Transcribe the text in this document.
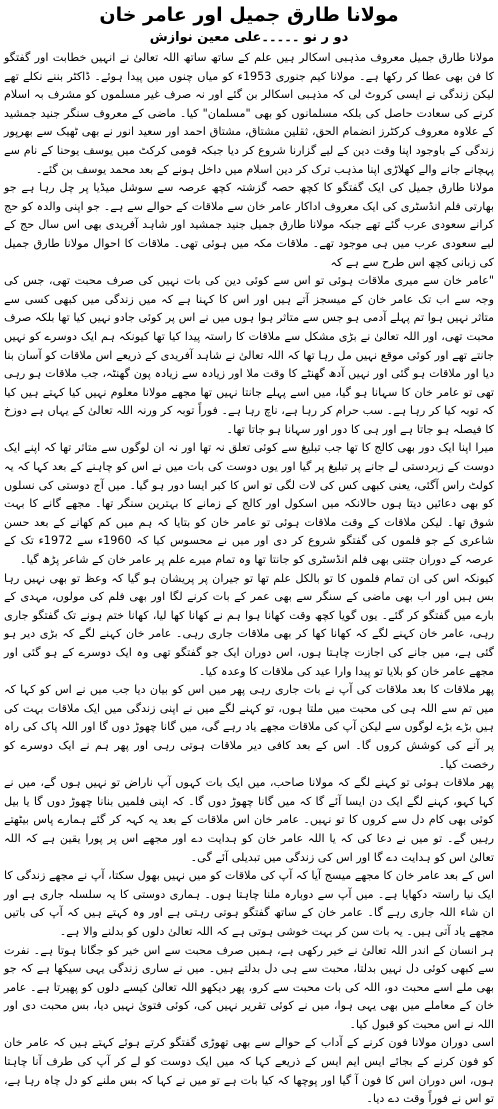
مولانا طارق جمیل اور عامر خان
دو ر نو ۔۔۔۔۔علی معین نوازش

مولانا طارق جمیل معروف مذہبی اسکالر ہیں علم کے ساتھ ساتھ اللہ تعالیٰ نے انہیں خطابت اور گفتگو کا فن بھی عطا کر رکھا ہے۔ مولانا کیم جنوری 1953ء کو میاں چنوں میں پیدا ہوئے۔ ڈاکٹر بننے نکلے تھے لیکن زندگی نے ایسی کروٹ لی کہ مذہبی اسکالر بن گئے اور نہ صرف غیر مسلموں کو مشرف بہ اسلام کرنے کی سعادت حاصل کی بلکہ مسلمانوں کو بھی "مسلمان" کیا۔ ماضی کے معروف سنگر جنید جمشید کے علاوہ معروف کرکٹرز انضمام الحق، ثقلین مشتاق، مشتاق احمد اور سعید انور نے بھی ٹھیک سے بھرپور زندگی کے باوجود اپنا وقت دین کے لیے گزارنا شروع کر دیا جبکہ قومی کرکٹ میں یوسف یوحنا کے نام سے پہچانے جانے والے کھلاڑی اپنا مذہب ترک کر دین اسلام میں داخل ہونے کے بعد محمد یوسف بن گئے۔

مولانا طارق جمیل کی ایک گفتگو کا کچھ حصہ گزشتہ کچھ عرصہ سے سوشل میڈیا پر چل رہا ہے جو بھارتی فلم انڈسٹری کی ایک معروف اداکار عامر خان سے ملاقات کے حوالے سے ہے۔ جو اپنی والدہ کو حج کرانے سعودی عرب گئے تھے جبکہ مولانا طارق جمیل جنید جمشید اور شاہد آفریدی بھی اس سال حج کے لیے سعودی عرب میں ہی موجود تھے۔ ملاقات مکہ میں ہوئی تھی۔ ملاقات کا احوال مولانا طارق جمیل کی زبانی کچھ اس طرح سے ہے کہ

"عامر خان سے میری ملاقات ہوئی تو اس سے کوئی دین کی بات نہیں کی صرف محبت تھی، جس کی وجہ سے اب تک عامر خان کے میسجز آتے ہیں اور اس کا کہنا ہے کہ میں زندگی میں کبھی کسی سے متاثر نہیں ہوا تم پہلے آدمی ہو جس سے متاثر ہوا ہوں میں نے اس پر کوئی جادو نہیں کیا تھا بلکہ صرف محبت تھی، اور اللہ تعالیٰ نے بڑی مشکل سے ملاقات کا راستہ پیدا کیا تھا کیونکہ ہم ایک دوسرے کو نہیں جانتے تھے اور کوئی موقع نہیں مل رہا تھا کہ اللہ تعالیٰ نے شاہد آفریدی کے ذریعے اس ملاقات کو آسان بنا دیا اور ملاقات ہو گئی اور نہیں آدھ گھنٹے کا وقت ملا اور زیادہ سے زیادہ پون گھنٹہ، جب ملاقات ہو رہی تھی تو عامر خان کا سہانا ہو گیا، میں اسے پہلے جانتا نہیں تھا مجھے مولانا معلوم نہیں کیا کہتے ہیں کیا کہ توبہ کیا کر رہا ہے۔ سب حرام کر رہا ہے، ناچ رہا ہے۔ فوراً توبہ کر ورنہ اللہ تعالیٰ کے یہاں ہے دوزخ کا فیصلہ ہو جاتا ہے اور ہی کا دور اور سہانا ہو جاتا تھا۔

میرا اپنا ایک دور بھی کالج کا تھا جب تبلیغ سے کوئی تعلق نہ تھا اور نہ ان لوگوں سے متاثر تھا کہ اپنے ایک دوست کے زبردستی لے جانے پر تبلیغ پر گیا اور یوں دوست کی بات میں نے اس کو چاہنے کے بعد کہا کہ یہ کولٹ راس آگئی، یعنی کبھی کس کی لات لگی تو اس کا کبر ایسا دور ہو گیا۔ میں آج دوستی کی نسلوں کو بھی دعائیں دیتا ہوں حالانکہ میں اسکول اور کالج کے زمانے کا بہترین سنگر تھا۔ مجھے گانے کا بہت شوق تھا۔ لیکن ملاقات کے وقت ملاقات ہوئی تو عامر خان کو بتایا کہ ہم میں کم کھانے کے بعد حسن شاعری کے جو فلموں کی گفتگو شروع کر دی اور میں نے محسوس کیا کہ 1960ء سے 1972ء تک کے عرصہ کے دوران جتنی بھی فلم انڈسٹری کو جانتا تھا وہ تمام میرے علم پر عامر خان کے شاعر پڑھ گیا۔

کیونکہ اس کی ان تمام فلموں کا تو بالکل علم تھا تو جیران پر پریشان ہو گیا کہ وعظ تو بھی نہیں رہا بس ہیں اور اب بھی ماضی کے سنگر سے بھی عمر کے بات کرنے لگا اور بھی فلم کی مولوں، مہدی کے بارے میں گفتگو کر گئے۔ یوں گویا کچھ وقت کھانا ہوا ہم نے کھانا کھا لیا، کھانا ختم ہونے تک گفتگو جاری رہی، عامر خان کہنے لگے کہ کھانا کھا کر بھی ملاقات جاری رہی۔ عامر خان کہنے لگے کہ بڑی دیر ہو گئی ہے، میں جانے کی اجازت چاہتا ہوں، اس دوران ایک جو گفتگو تھی وہ ایک دوسرے کے ہو گئی اور مجھے عامر خان کو بلایا تو پیدا وارا عید کی ملاقات کا وعدہ کیا۔

پھر ملاقات کا بعد ملاقات کی آپ نے بات جاری رہی پھر میں اس کو بیان دیا جب میں نے اس کو کہا کہ میں تم سے اللہ ہی کی محبت میں ملتا ہوں، تو کہنے لگے میں نے اپنی زندگی میں ایک ملاقات بہت کی ہیں بڑے بڑے لوگوں سے لیکن آپ کی ملاقات مجھے یاد رہے گی، میں گانا چھوڑ دوں گا اور اللہ پاک کی راہ پر آنے کی کوشش کروں گا۔ اس کے بعد کافی دیر ملاقات ہوتی رہی اور پھر ہم نے ایک دوسرے کو رخصت کیا۔

پھر ملاقات ہوئی تو کہنے لگے کہ مولانا صاحب، میں ایک بات کہوں آپ ناراض تو نہیں ہوں گے، میں نے کہا کہو، کہنے لگے ایک دن ایسا آئے گا کہ میں گانا چھوڑ دوں گا۔ کہ اپنی فلمیں بنانا چھوڑ دوں گا یا بیل کوئی بھی کام دل سے کروں کا تو نہیں۔ عامر خان اس ملاقات کے بعد یہ کہہ کر گئے ہمارے پاس بیٹھتے رہیں گے۔ تو میں نے دعا کی کہ یا اللہ عامر خان کو ہدایت دے اور مجھے اس پر پورا یقین ہے کہ اللہ تعالیٰ اس کو ہدایت دے گا اور اس کی زندگی میں تبدیلی آئے گی۔

اس کے بعد عامر خان کا مجھے میسج آیا کہ آپ کی ملاقات کو میں نہیں بھول سکتا، آپ نے مجھے زندگی کا ایک نیا راستہ دکھایا ہے۔ میں آپ سے دوبارہ ملنا چاہتا ہوں۔ ہماری دوستی کا یہ سلسلہ جاری ہے اور ان شاء اللہ جاری رہے گا۔ عامر خان کے ساتھ گفتگو ہوتی رہتی ہے اور وہ کہتے ہیں کہ آپ کی باتیں مجھے یاد آتی ہیں۔ یہ بات سن کر بہت خوشی ہوتی ہے کہ اللہ تعالیٰ دلوں کو بدلنے والا ہے۔

ہر انسان کے اندر اللہ تعالیٰ نے خیر رکھی ہے، ہمیں صرف محبت سے اس خیر کو جگانا ہوتا ہے۔ نفرت سے کبھی کوئی دل نہیں بدلتا، محبت سے ہی دل بدلتے ہیں۔ میں نے ساری زندگی یہی سیکھا ہے کہ جو بھی ملے اسے محبت دو، اللہ کی بات محبت سے کرو، پھر دیکھو اللہ تعالیٰ کیسے دلوں کو پھیرتا ہے۔ عامر خان کے معاملے میں بھی یہی ہوا، میں نے کوئی تقریر نہیں کی، کوئی فتویٰ نہیں دیا، بس محبت دی اور اللہ نے اس محبت کو قبول کیا۔

اسی دوران مولانا فون کرنے کے آداب کے حوالے سے بھی تھوڑی گفتگو کرتے ہوئے کہتے ہیں کہ عامر خان کو فون کرنے کے بجائے ایس ایم ایس کے ذریعے کہا کہ میں ایک دوست کو لے کر آپ کی طرف آنا چاہتا ہوں، اس دوران اس کا فون آ گیا اور پوچھا کہ کیا بات ہے تو میں نے کہا کہ بس ملنے کو دل چاہ رہا ہے، تو اس نے فوراً وقت دے دیا۔
